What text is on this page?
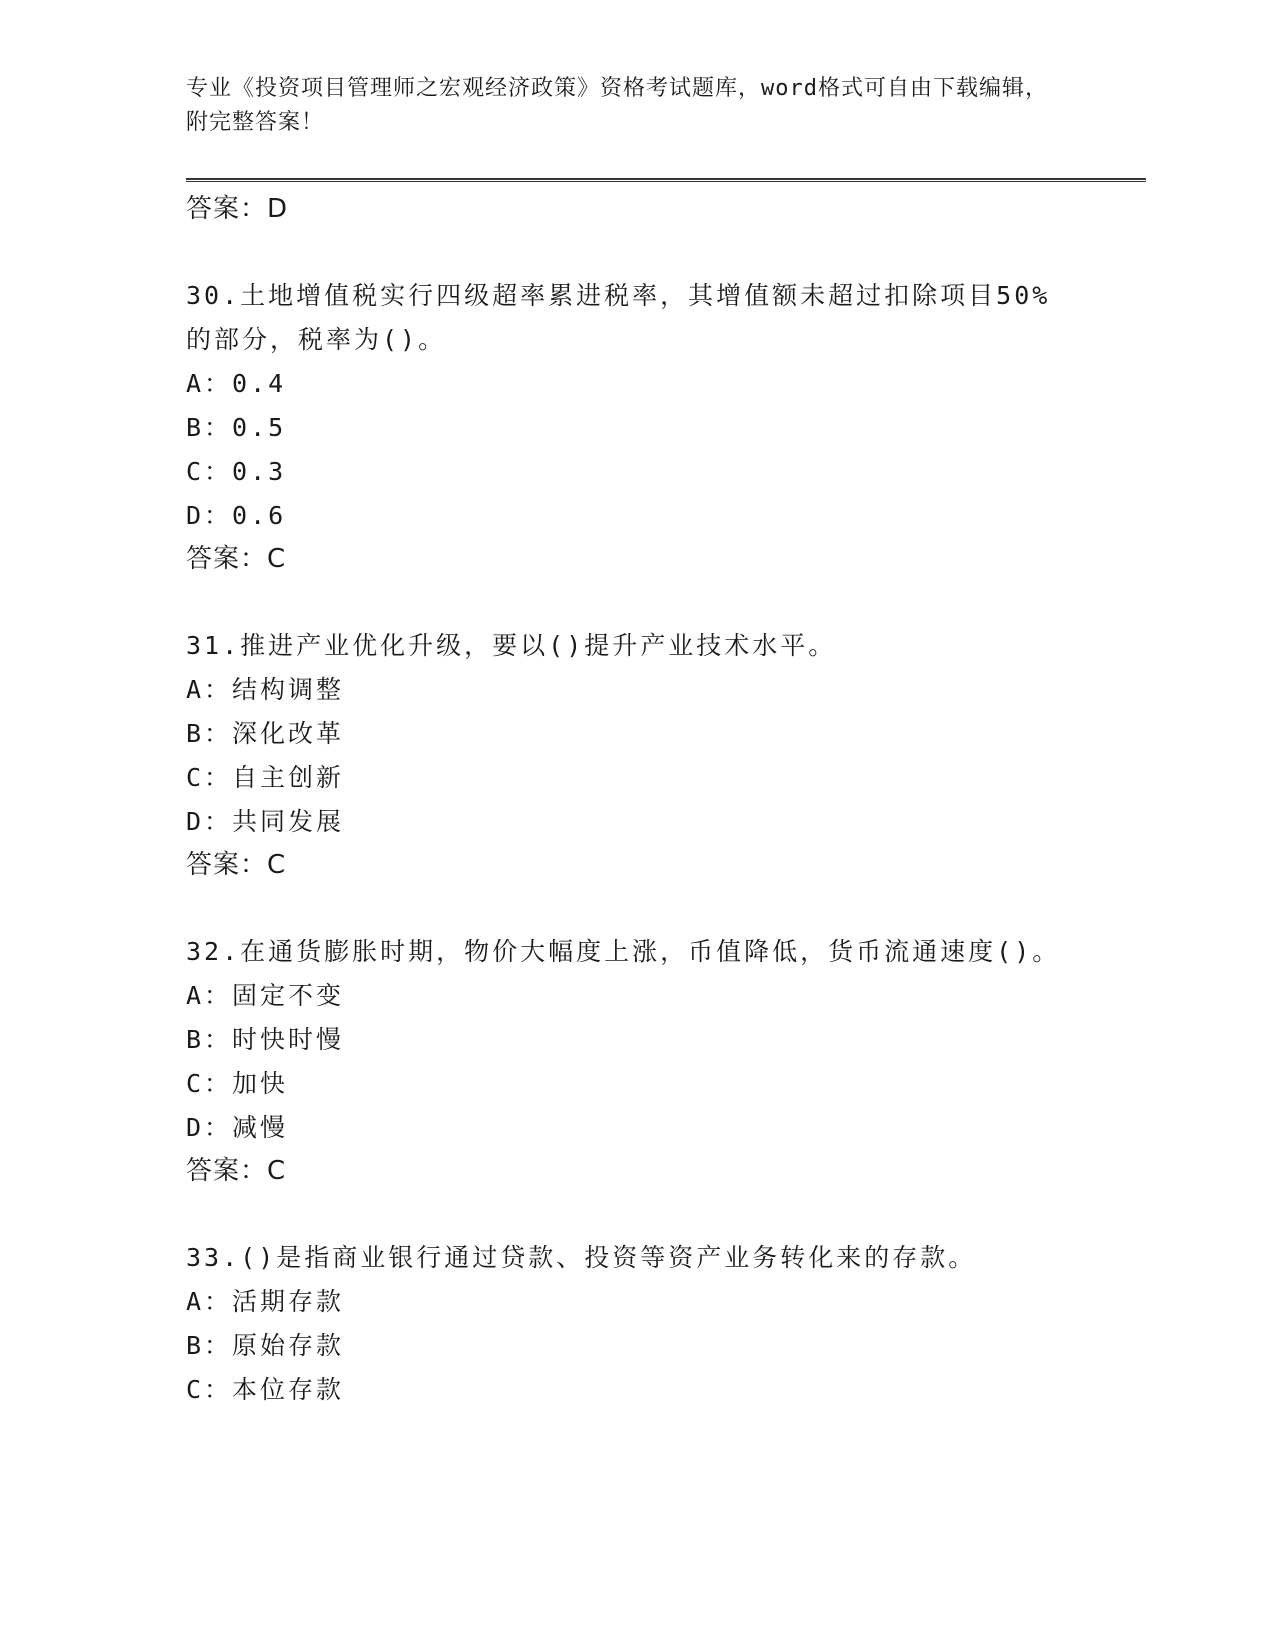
专业《投资项目管理师之宏观经济政策》资格考试题库，word格式可自由下载编辑，附完整答案！
答案：D
30.土地增值税实行四级超率累进税率，其增值额未超过扣除项目50%
的部分，税率为()。
A：0.4
B：0.5
C：0.3
D：0.6
答案：C
31.推进产业优化升级，要以()提升产业技术水平。
A：结构调整
B：深化改革
C：自主创新
D：共同发展
答案：C
32.在通货膨胀时期，物价大幅度上涨，币值降低，货币流通速度()。
A：固定不变
B：时快时慢
C：加快
D：减慢
答案：C
33.()是指商业银行通过贷款、投资等资产业务转化来的存款。
A：活期存款
B：原始存款
C：本位存款
